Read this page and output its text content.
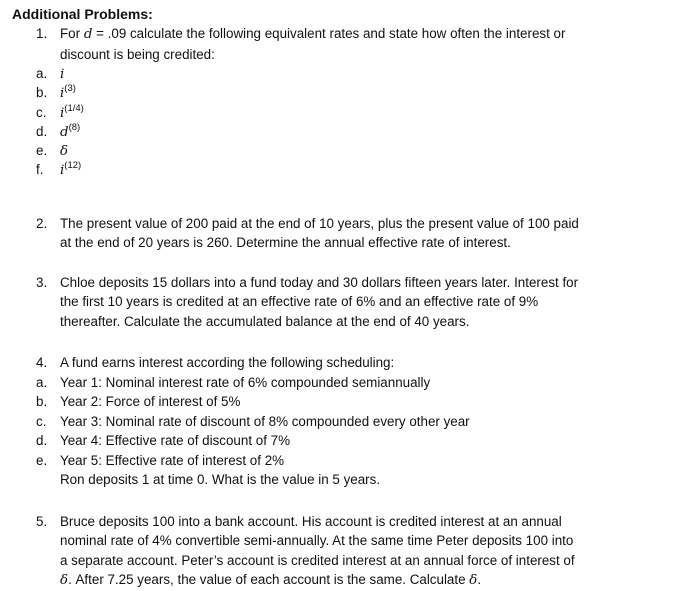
Additional Problems:
1. For d = .09 calculate the following equivalent rates and state how often the interest or
discount is being credited:
a. i
b. $i^{(3)}$
c. $i^{(1/4)}$
d. $d^{(8)}$
e. δ
f. $i^{(12)}$
2. The present value of 200 paid at the end of 10 years, plus the present value of 100 paid
at the end of 20 years is 260. Determine the annual effective rate of interest.
3. Chloe deposits 15 dollars into a fund today and 30 dollars fifteen years later. Interest for
the first 10 years is credited at an effective rate of 6% and an effective rate of 9%
thereafter. Calculate the accumulated balance at the end of 40 years.
4. A fund earns interest according the following scheduling:
a. Year 1: Nominal interest rate of 6% compounded semiannually
b. Year 2: Force of interest of 5%
c. Year 3: Nominal rate of discount of 8% compounded every other year
d. Year 4: Effective rate of discount of 7%
e. Year 5: Effective rate of interest of 2%
Ron deposits 1 at time 0. What is the value in 5 years.
5. Bruce deposits 100 into a bank account. His account is credited interest at an annual
nominal rate of 4% convertible semi-annually. At the same time Peter deposits 100 into
a separate account. Peter’s account is credited interest at an annual force of interest of
δ. After 7.25 years, the value of each account is the same. Calculate δ.
